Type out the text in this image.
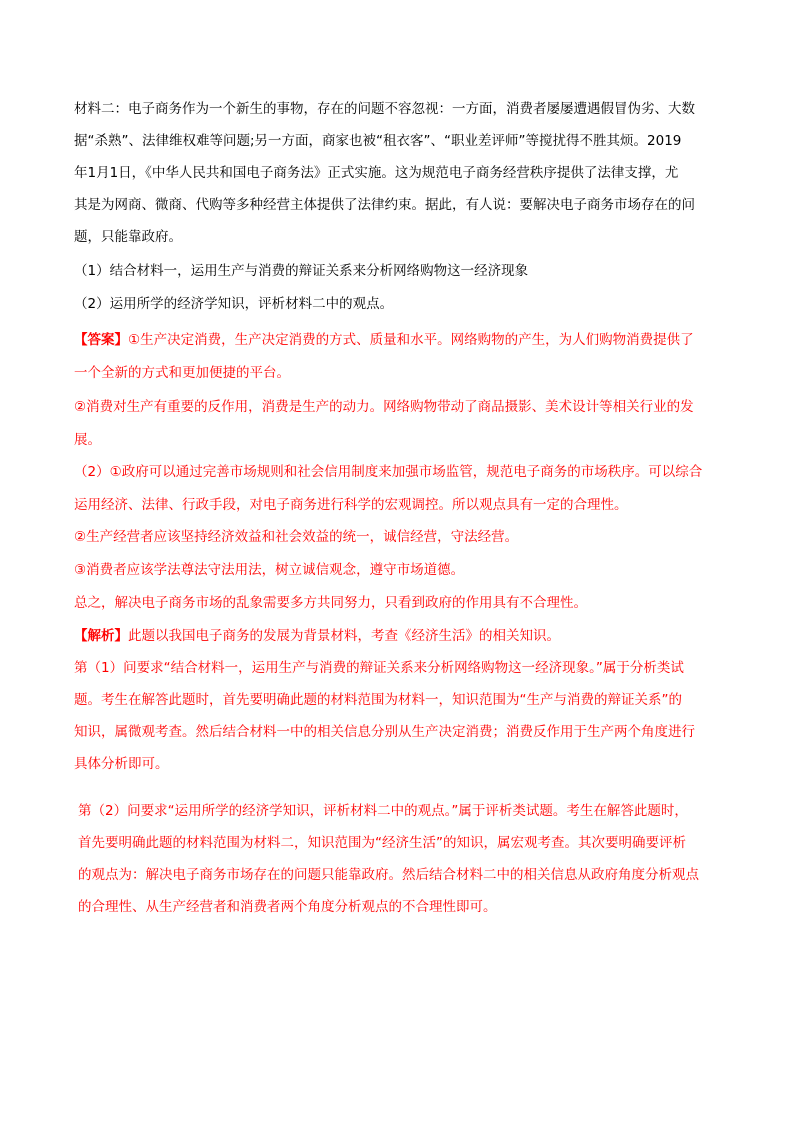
材料二：电子商务作为一个新生的事物，存在的问题不容忽视：一方面，消费者屡屡遭遇假冒伪劣、大数
据“杀熟”、法律维权难等问题;另一方面，商家也被“租衣客”、“职业差评师”等搅扰得不胜其烦。2019
年1月1日，《中华人民共和国电子商务法》正式实施。这为规范电子商务经营秩序提供了法律支撑，尤
其是为网商、微商、代购等多种经营主体提供了法律约束。据此，有人说：要解决电子商务市场存在的问
题，只能靠政府。
（1）结合材料一，运用生产与消费的辩证关系来分析网络购物这一经济现象
（2）运用所学的经济学知识，评析材料二中的观点。
【答案】①生产决定消费，生产决定消费的方式、质量和水平。网络购物的产生，为人们购物消费提供了
一个全新的方式和更加便捷的平台。
②消费对生产有重要的反作用，消费是生产的动力。网络购物带动了商品摄影、美术设计等相关行业的发
展。
（2）①政府可以通过完善市场规则和社会信用制度来加强市场监管，规范电子商务的市场秩序。可以综合
运用经济、法律、行政手段，对电子商务进行科学的宏观调控。所以观点具有一定的合理性。
②生产经营者应该坚持经济效益和社会效益的统一，诚信经营，守法经营。
③消费者应该学法尊法守法用法，树立诚信观念，遵守市场道德。
总之，解决电子商务市场的乱象需要多方共同努力，只看到政府的作用具有不合理性。
【解析】此题以我国电子商务的发展为背景材料，考查《经济生活》的相关知识。
第（1）问要求“结合材料一，运用生产与消费的辩证关系来分析网络购物这一经济现象。”属于分析类试
题。考生在解答此题时，首先要明确此题的材料范围为材料一，知识范围为“生产与消费的辩证关系”的
知识，属微观考查。然后结合材料一中的相关信息分别从生产决定消费；消费反作用于生产两个角度进行
具体分析即可。
第（2）问要求“运用所学的经济学知识，评析材料二中的观点。”属于评析类试题。考生在解答此题时，
首先要明确此题的材料范围为材料二，知识范围为“经济生活”的知识，属宏观考查。其次要明确要评析
的观点为：解决电子商务市场存在的问题只能靠政府。然后结合材料二中的相关信息从政府角度分析观点
的合理性、从生产经营者和消费者两个角度分析观点的不合理性即可。
